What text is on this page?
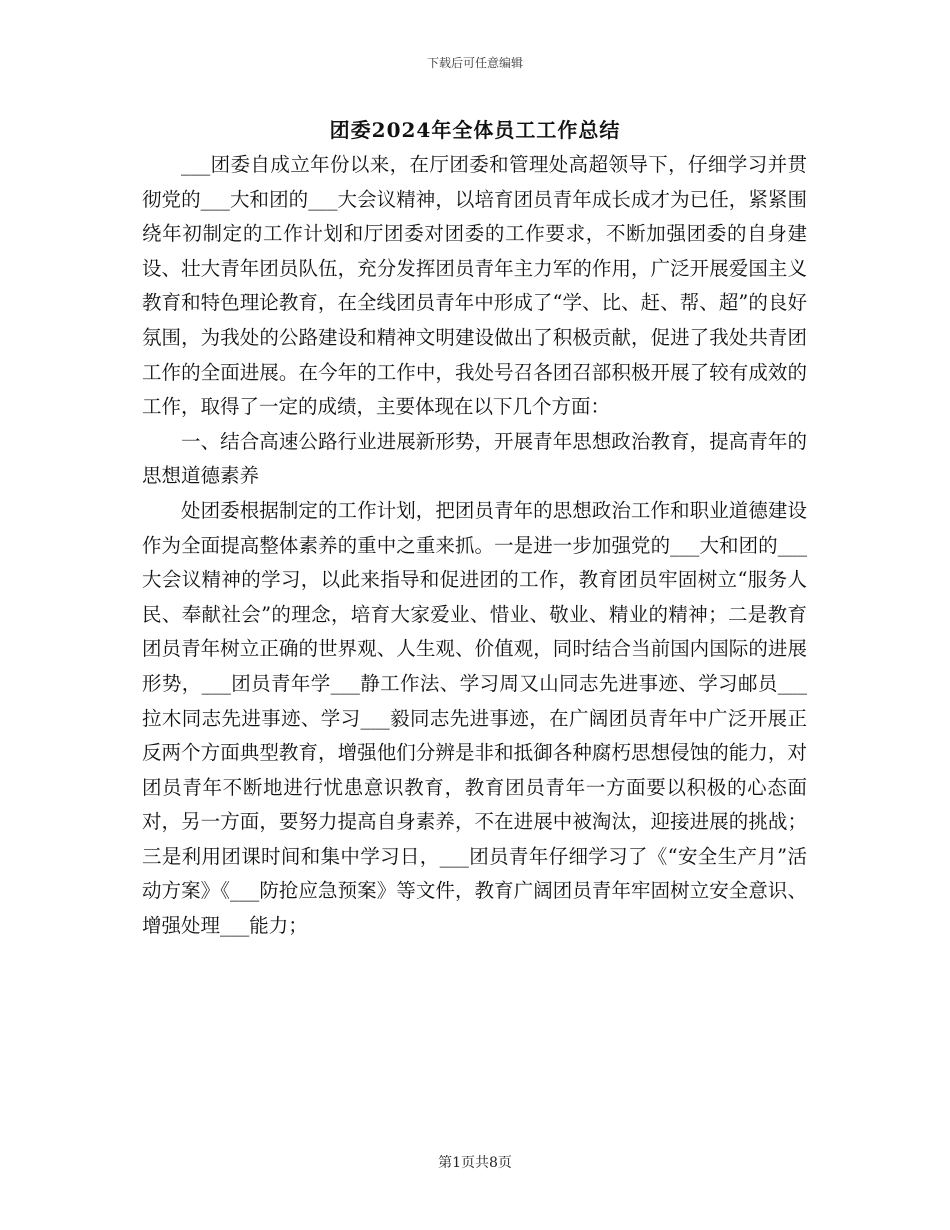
下载后可任意编辑
团委2024年全体员工工作总结

___团委自成立年份以来，在厅团委和管理处高超领导下，仔细学习并贯彻党的___大和团的___大会议精神，以培育团员青年成长成才为已任，紧紧围绕年初制定的工作计划和厅团委对团委的工作要求，不断加强团委的自身建设、壮大青年团员队伍，充分发挥团员青年主力军的作用，广泛开展爱国主义教育和特色理论教育，在全线团员青年中形成了“学、比、赶、帮、超”的良好氛围，为我处的公路建设和精神文明建设做出了积极贡献，促进了我处共青团工作的全面进展。在今年的工作中，我处号召各团召部积极开展了较有成效的工作，取得了一定的成绩，主要体现在以下几个方面：

一、结合高速公路行业进展新形势，开展青年思想政治教育，提高青年的思想道德素养

处团委根据制定的工作计划，把团员青年的思想政治工作和职业道德建设作为全面提高整体素养的重中之重来抓。一是进一步加强党的___大和团的___大会议精神的学习，以此来指导和促进团的工作，教育团员牢固树立“服务人民、奉献社会”的理念，培育大家爱业、惜业、敬业、精业的精神；二是教育团员青年树立正确的世界观、人生观、价值观，同时结合当前国内国际的进展形势，___团员青年学___静工作法、学习周又山同志先进事迹、学习邮员___拉木同志先进事迹、学习___毅同志先进事迹，在广阔团员青年中广泛开展正反两个方面典型教育，增强他们分辨是非和抵御各种腐朽思想侵蚀的能力，对团员青年不断地进行忧患意识教育，教育团员青年一方面要以积极的心态面对，另一方面，要努力提高自身素养，不在进展中被淘汰，迎接进展的挑战；三是利用团课时间和集中学习日，___团员青年仔细学习了《“安全生产月”活动方案》《___防抢应急预案》等文件，教育广阔团员青年牢固树立安全意识、增强处理___能力；

第1页共8页
